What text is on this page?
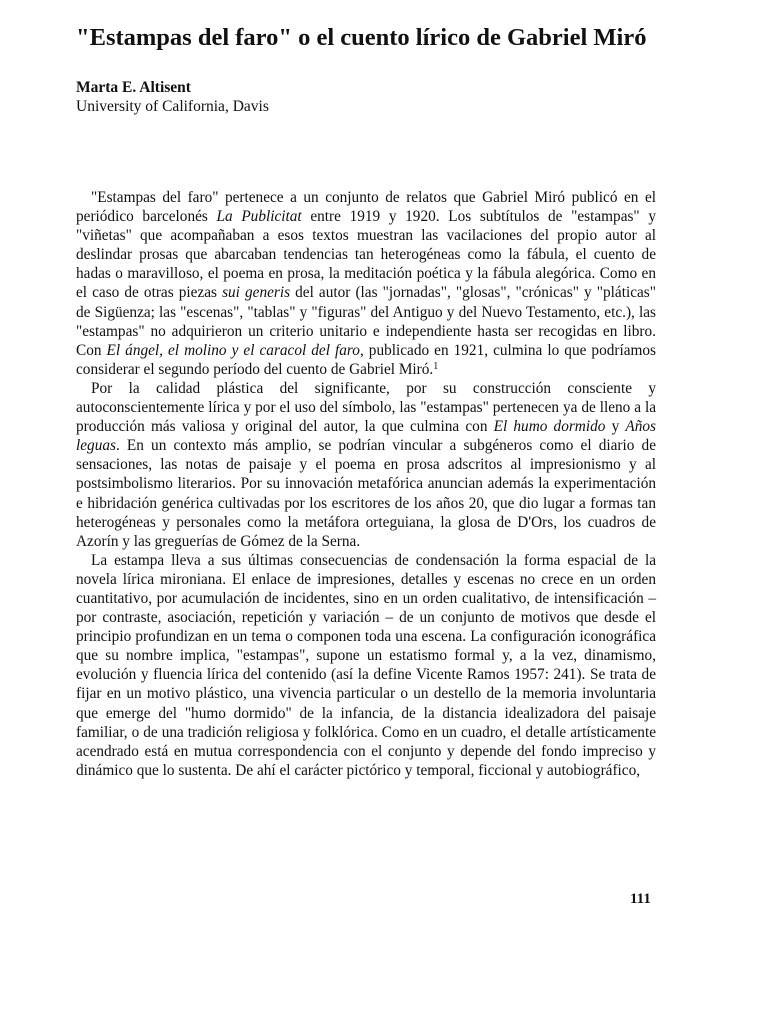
"Estampas del faro" o el cuento lírico de Gabriel Miró
Marta E. Altisent
University of California, Davis

"Estampas del faro" pertenece a un conjunto de relatos que Gabriel Miró publicó en el periódico barcelonés La Publicitat entre 1919 y 1920. Los subtítulos de "estampas" y "viñetas" que acompañaban a esos textos muestran las vacilaciones del propio autor al deslindar prosas que abarcaban tendencias tan heterogéneas como la fábula, el cuento de hadas o maravilloso, el poema en prosa, la meditación poética y la fábula alegórica. Como en el caso de otras piezas sui generis del autor (las "jornadas", "glosas", "crónicas" y "pláticas" de Sigüenza; las "escenas", "tablas" y "figuras" del Antiguo y del Nuevo Testamento, etc.), las "estampas" no adquirieron un criterio unitario e independiente hasta ser recogidas en libro. Con El ángel, el molino y el caracol del faro, publicado en 1921, culmina lo que podríamos considerar el segundo período del cuento de Gabriel Miró.$^1$

Por la calidad plástica del significante, por su construcción consciente y autoconscientemente lírica y por el uso del símbolo, las "estampas" pertenecen ya de lleno a la producción más valiosa y original del autor, la que culmina con El humo dormido y Años leguas. En un contexto más amplio, se podrían vincular a subgéneros como el diario de sensaciones, las notas de paisaje y el poema en prosa adscritos al impresionismo y al postsimbolismo literarios. Por su innovación metafórica anuncian además la experimentación e hibridación genérica cultivadas por los escritores de los años 20, que dio lugar a formas tan heterogéneas y personales como la metáfora orteguiana, la glosa de D'Ors, los cuadros de Azorín y las greguerías de Gómez de la Serna.

La estampa lleva a sus últimas consecuencias de condensación la forma espacial de la novela lírica mironiana. El enlace de impresiones, detalles y escenas no crece en un orden cuantitativo, por acumulación de incidentes, sino en un orden cualitativo, de intensificación – por contraste, asociación, repetición y variación – de un conjunto de motivos que desde el principio profundizan en un tema o componen toda una escena. La configuración iconográfica que su nombre implica, "estampas", supone un estatismo formal y, a la vez, dinamismo, evolución y fluencia lírica del contenido (así la define Vicente Ramos 1957: 241). Se trata de fijar en un motivo plástico, una vivencia particular o un destello de la memoria involuntaria que emerge del "humo dormido" de la infancia, de la distancia idealizadora del paisaje familiar, o de una tradición religiosa y folklórica. Como en un cuadro, el detalle artísticamente acendrado está en mutua correspondencia con el conjunto y depende del fondo impreciso y dinámico que lo sustenta. De ahí el carácter pictórico y temporal, ficcional y autobiográfico,

111
